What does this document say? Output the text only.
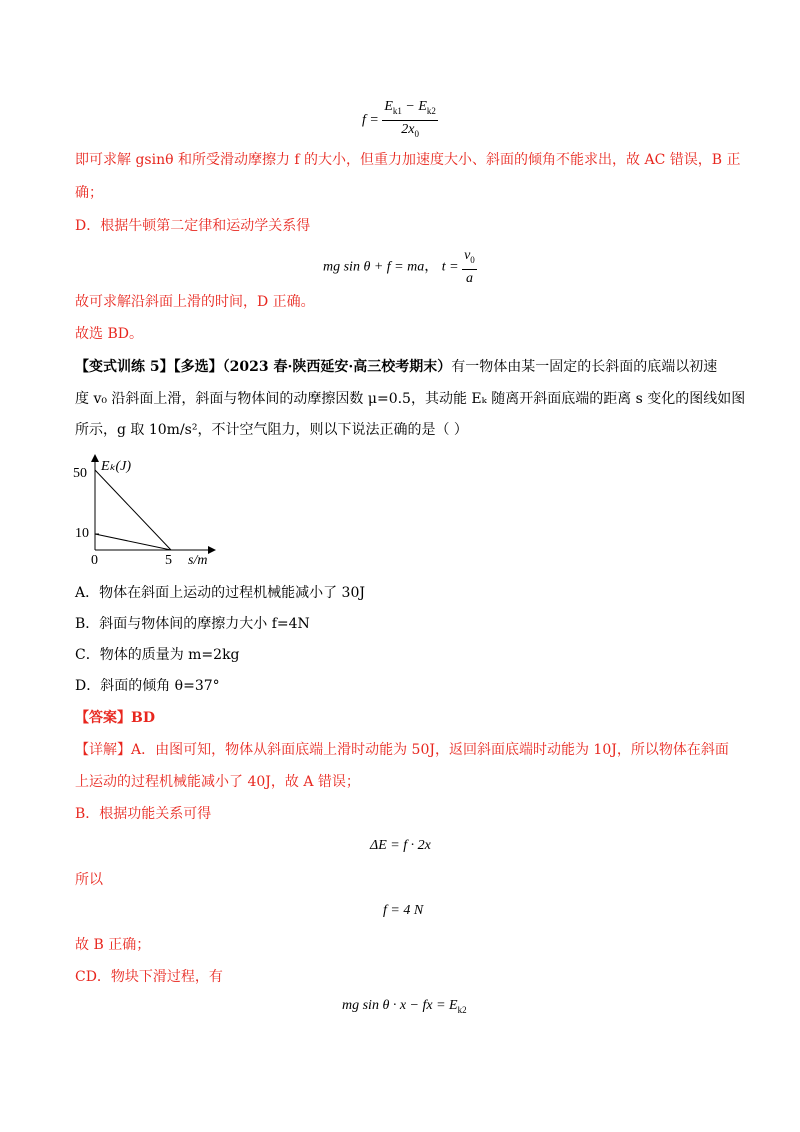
$f = \frac{E_{k1} - E_{k2}}{2x_0}$
即可求解 gsinθ 和所受滑动摩擦力 f 的大小，但重力加速度大小、斜面的倾角不能求出，故 AC 错误，B 正
确；
D．根据牛顿第二定律和运动学关系得
mg sin θ + f = ma， $t = \frac{v_0}{a}$
故可求解沿斜面上滑的时间，D 正确。
故选 BD。
【变式训练 5】【多选】（2023 春·陕西延安·高三校考期末）有一物体由某一固定的长斜面的底端以初速
度 v₀ 沿斜面上滑，斜面与物体间的动摩擦因数 μ=0.5，其动能 Eₖ 随离开斜面底端的距离 s 变化的图线如图
所示，g 取 10m/s²，不计空气阻力，则以下说法正确的是（ ）
Eₖ(J)
50
10
0	5 s/m
A．物体在斜面上运动的过程机械能减小了 30J
B．斜面与物体间的摩擦力大小 f=4N
C．物体的质量为 m=2kg
D．斜面的倾角 θ=37°
【答案】BD
【详解】A．由图可知，物体从斜面底端上滑时动能为 50J，返回斜面底端时动能为 10J，所以物体在斜面
上运动的过程机械能减小了 40J，故 A 错误；
B．根据功能关系可得
ΔE = f · 2x
所以
f = 4 N
故 B 正确；
CD．物块下滑过程，有
mg sin θ · x − fx = $E_{k2}$
